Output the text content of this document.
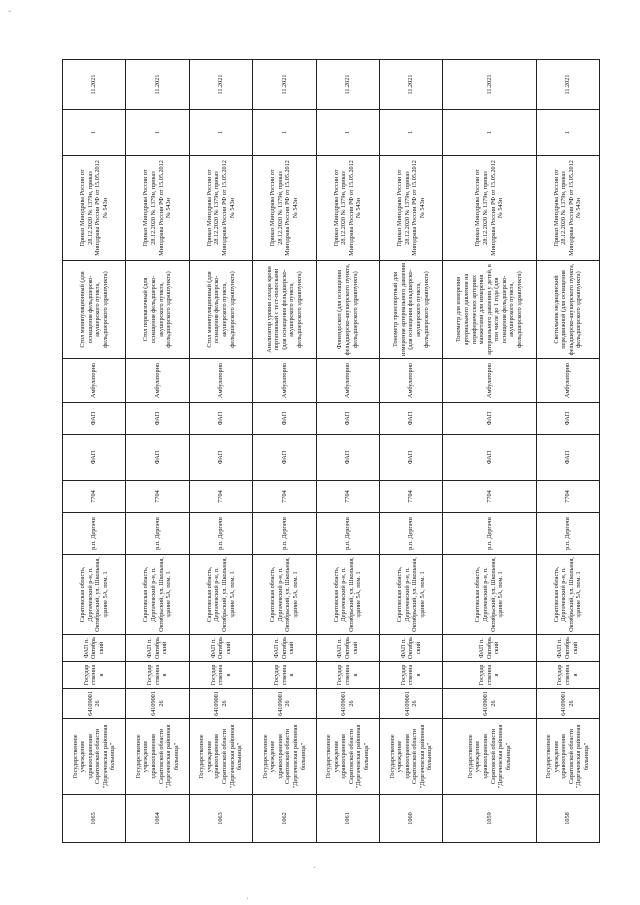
1065	Государственное учреждение здравоохранения Саратовской области "Дергачевская районная больница"	6410900126	Государственная	ФАП п. Октябрьский	Саратовская область, Дергачевский р-н, п. Октябрьский, ул. Школьная, здание 5А, пом. 1	р.п. Дергачи	7704	ФАП	ФАП	Амбулаторно	Стол манипуляционный (для оснащения фельдшерско-акушерского пункта, фельдшерского здравпункта)	Приказ Минздрава России от 28.12.2020 № 1379н, приказ Минздрава России РФ от 15.05.2012 № 543н	1	11.2021
1064	Государственное учреждение здравоохранения Саратовской области "Дергачевская районная больница"	6410900126	Государственная	ФАП п. Октябрьский	Саратовская область, Дергачевский р-н, п. Октябрьский, ул. Школьная, здание 5А, пом. 1	р.п. Дергачи	7704	ФАП	ФАП	Амбулаторно	Стол перевязочный (для оснащения фельдшерско-акушерского пункта, фельдшерского здравпункта)	Приказ Минздрава России от 28.12.2020 № 1379н, приказ Минздрава России РФ от 15.05.2012 № 543н	1	11.2021
1063	Государственное учреждение здравоохранения Саратовской области "Дергачевская районная больница"	6410900126	Государственная	ФАП п. Октябрьский	Саратовская область, Дергачевский р-н, п. Октябрьский, ул. Школьная, здание 5А, пом. 1	р.п. Дергачи	7704	ФАП	ФАП	Амбулаторно	Стол манипуляционный (для оснащения фельдшерско-акушерского пункта, фельдшерского здравпункта)	Приказ Минздрава России от 28.12.2020 № 1379н, приказ Минздрава России РФ от 15.05.2012 № 543н	1	11.2021
1062	Государственное учреждение здравоохранения Саратовской области "Дергачевская районная больница"	6410900126	Государственная	ФАП п. Октябрьский	Саратовская область, Дергачевский р-н, п. Октябрьский, ул. Школьная, здание 5А, пом. 1	р.п. Дергачи	7704	ФАП	ФАП	Амбулаторно	Анализатор уровня сахара крови портативный с тест-полосками (для оснащения фельдшерско-акушерского пункта, фельдшерского здравпункта)	Приказ Минздрава России от 28.12.2020 № 1379н, приказ Минздрава России РФ от 15.05.2012 № 543н	1	11.2021
1061	Государственное учреждение здравоохранения Саратовской области "Дергачевская районная больница"	6410900126	Государственная	ФАП п. Октябрьский	Саратовская область, Дергачевский р-н, п. Октябрьский, ул. Школьная, здание 5А, пом. 1	р.п. Дергачи	7704	ФАП	ФАП	Амбулаторно	Фонендоскоп (для оснащения фельдшерско-акушерского пункта, фельдшерского здравпункта)	Приказ Минздрава России от 28.12.2020 № 1379н, приказ Минздрава России РФ от 15.05.2012 № 543н	1	11.2021
1060	Государственное учреждение здравоохранения Саратовской области "Дергачевская районная больница"	6410900126	Государственная	ФАП п. Октябрьский	Саратовская область, Дергачевский р-н, п. Октябрьский, ул. Школьная, здание 5А, пом. 1	р.п. Дергачи	7704	ФАП	ФАП	Амбулаторно	Тонометр транспортный для измерения артериального давления (для оснащения фельдшерско-акушерского пункта, фельдшерского здравпункта)	Приказ Минздрава России от 28.12.2020 № 1379н, приказ Минздрава России РФ от 15.05.2012 № 543н	1	11.2021
1059	Государственное учреждение здравоохранения Саратовской области "Дергачевская районная больница"	6410900126	Государственная	ФАП п. Октябрьский	Саратовская область, Дергачевский р-н, п. Октябрьский, ул. Школьная, здание 5А, пом. 1	р.п. Дергачи	7704	ФАП	ФАП	Амбулаторно	Тонометр для измерения артериального давления на периферических артериях манжетами для измерения артериального давления у детей, в том числе до 1 года (для оснащения фельдшерско-акушерского пункта, фельдшерского здравпункта)	Приказ Минздрава России от 28.12.2020 № 1379н, приказ Минздрава России РФ от 15.05.2012 № 543н	1	11.2021
1058	Государственное учреждение здравоохранения Саратовской области "Дергачевская районная больница"	6410900126	Государственная	ФАП п. Октябрьский	Саратовская область, Дергачевский р-н, п. Октябрьский, ул. Школьная, здание 5А, пом. 1	р.п. Дергачи	7704	ФАП	ФАП	Амбулаторно	Светильник медицинский передвижной (для оснащения фельдшерско-акушерского пункта, фельдшерского здравпункта)	Приказ Минздрава России от 28.12.2020 № 1379н, приказ Минздрава России РФ от 15.05.2012 № 543н	1	11.2021
·
·
-
